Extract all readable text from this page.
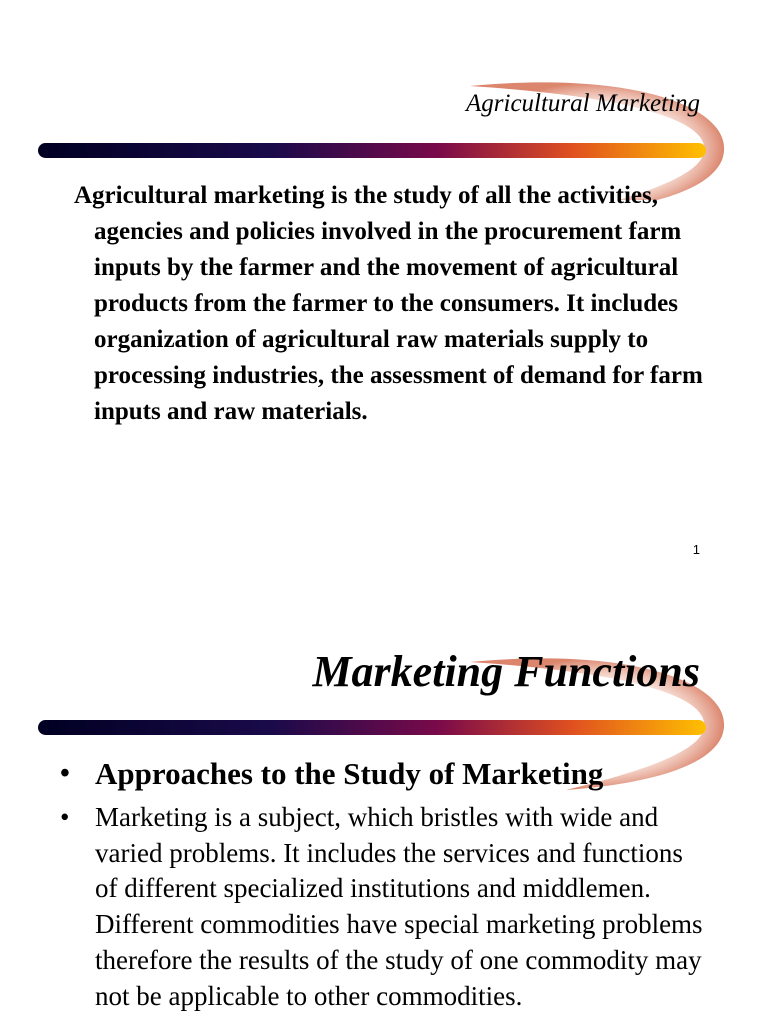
Agricultural Marketing

Agricultural marketing is the study of all the activities, agencies and policies involved in the procurement farm inputs by the farmer and the movement of agricultural products from the farmer to the consumers. It includes organization of agricultural raw materials supply to processing industries, the assessment of demand for farm inputs and raw materials.

1
Marketing Functions
• Approaches to the Study of Marketing
• Marketing is a subject, which bristles with wide and varied problems. It includes the services and functions of different specialized institutions and middlemen. Different commodities have special marketing problems therefore the results of the study of one commodity may not be applicable to other commodities.
